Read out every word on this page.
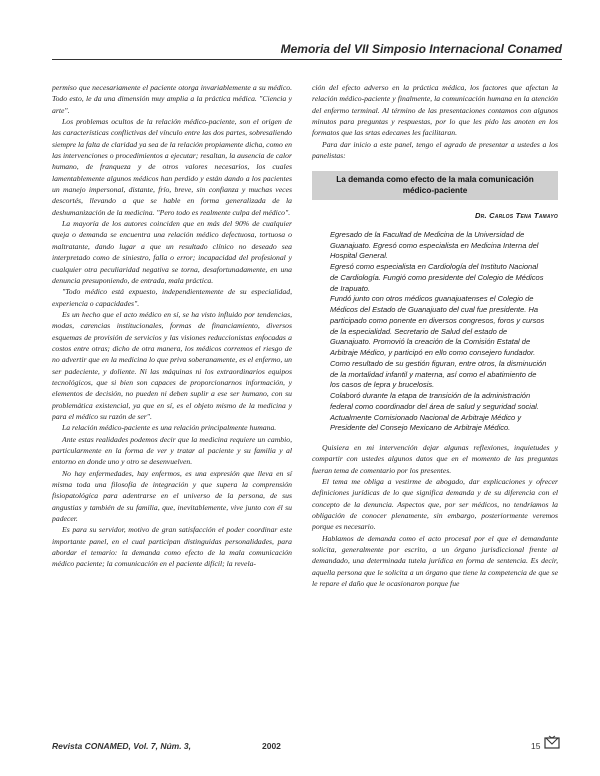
Memoria del VII Simposio Internacional Conamed

permiso que necesariamente el paciente otorga invariablemente a su médico. Todo esto, le da una dimensión muy amplia a la práctica médica. "Ciencia y arte".

Los problemas ocultos de la relación médico-paciente, son el origen de las características conflictivas del vínculo entre las dos partes, sobresaliendo siempre la falta de claridad ya sea de la relación propiamente dicha, como en las intervenciones o procedimientos a ejecutar; resaltan, la ausencia de calor humano, de franqueza y de otros valores necesarios, los cuales lamentablemente algunos médicos han perdido y están dando a los pacientes un manejo impersonal, distante, frío, breve, sin confianza y muchas veces descortés, llevando a que se hable en forma generalizada de la deshumanización de la medicina. "Pero todo es realmente culpa del médico".

La mayoría de los autores coinciden que en más del 90% de cualquier queja o demanda se encuentra una relación médico defectuosa, tortuosa o maltratante, dando lugar a que un resultado clínico no deseado sea interpretado como de siniestro, falla o error; incapacidad del profesional y cualquier otra peculiaridad negativa se torna, desafortunadamente, en una denuncia presuponiendo, de entrada, mala práctica.

"Todo médico está expuesto, independientemente de su especialidad, experiencia o capacidades".

Es un hecho que el acto médico en sí, se ha visto influido por tendencias, modas, carencias institucionales, formas de financiamiento, diversos esquemas de provisión de servicios y las visiones reduccionistas enfocadas a costos entre otras; dicho de otra manera, los médicos corremos el riesgo de no advertir que en la medicina lo que priva soberanamente, es el enfermo, un ser padeciente, y doliente. Ni las máquinas ni los extraordinarios equipos tecnológicos, que si bien son capaces de proporcionarnos información, y elementos de decisión, no pueden ni deben suplir a ese ser humano, con su problemática existencial, ya que en sí, es el objeto mismo de la medicina y para el médico su razón de ser".

La relación médico-paciente es una relación principalmente humana.

Ante estas realidades podemos decir que la medicina requiere un cambio, particularmente en la forma de ver y tratar al paciente y su familia y al entorno en donde uno y otro se desenvuelven.

No hay enfermedades, hay enfermos, es una expresión que lleva en sí misma toda una filosofía de integración y que supera la comprensión fisiopatológica para adentrarse en el universo de la persona, de sus angustias y también de su familia, que, inevitablemente, vive junto con él su padecer.

Es para su servidor, motivo de gran satisfacción el poder coordinar este importante panel, en el cual participan distinguidas personalidades, para abordar el temario: la demanda como efecto de la mala comunicación médico paciente; la comunicación en el paciente difícil; la revela-

ción del efecto adverso en la práctica médica, los factores que afectan la relación médico-paciente y finalmente, la comunicación humana en la atención del enfermo terminal. Al término de las presentaciones contamos con algunos minutos para preguntas y respuestas, por lo que les pido las anoten en los formatos que las srtas edecanes les facilitaran.

Para dar inicio a este panel, tengo el agrado de presentar a ustedes a los panelistas:

La demanda como efecto de la mala comunicación médico-paciente
Dr. Carlos Tena Tamayo

Egresado de la Facultad de Medicina de la Universidad de Guanajuato. Egresó como especialista en Medicina Interna del Hospital General.

Egresó como especialista en Cardiología del Instituto Nacional de Cardiología. Fungió como presidente del Colegio de Médicos de Irapuato.

Fundó junto con otros médicos guanajuatenses el Colegio de Médicos del Estado de Guanajuato del cual fue presidente. Ha participado como ponente en diversos congresos, foros y cursos de la especialidad. Secretario de Salud del estado de Guanajuato. Promovió la creación de la Comisión Estatal de Arbitraje Médico, y participó en ello como consejero fundador. Como resultado de su gestión figuran, entre otros, la disminución de la mortalidad infantil y materna, así como el abatimiento de los casos de lepra y brucelosis.

Colaboró durante la etapa de transición de la administración federal como coordinador del área de salud y seguridad social. Actualmente Comisionado Nacional de Arbitraje Médico y Presidente del Consejo Mexicano de Arbitraje Médico.

Quisiera en mi intervención dejar algunas reflexiones, inquietudes y compartir con ustedes algunos datos que en el momento de las preguntas fueran tema de comentario por los presentes.

El tema me obliga a vestirme de abogado, dar explicaciones y ofrecer definiciones jurídicas de lo que significa demanda y de su diferencia con el concepto de la denuncia. Aspectos que, por ser médicos, no tendríamos la obligación de conocer plenamente, sin embargo, posteriormente veremos porque es necesario.

Hablamos de demanda como el acto procesal por el que el demandante solicita, generalmente por escrito, a un órgano jurisdiccional frente al demandado, una determinada tutela jurídica en forma de sentencia. Es decir, aquella persona que le solicita a un órgano que tiene la competencia de que se le repare el daño que le ocasionaron porque fue

Revista CONAMED, Vol. 7, Núm. 3,	2002	15
